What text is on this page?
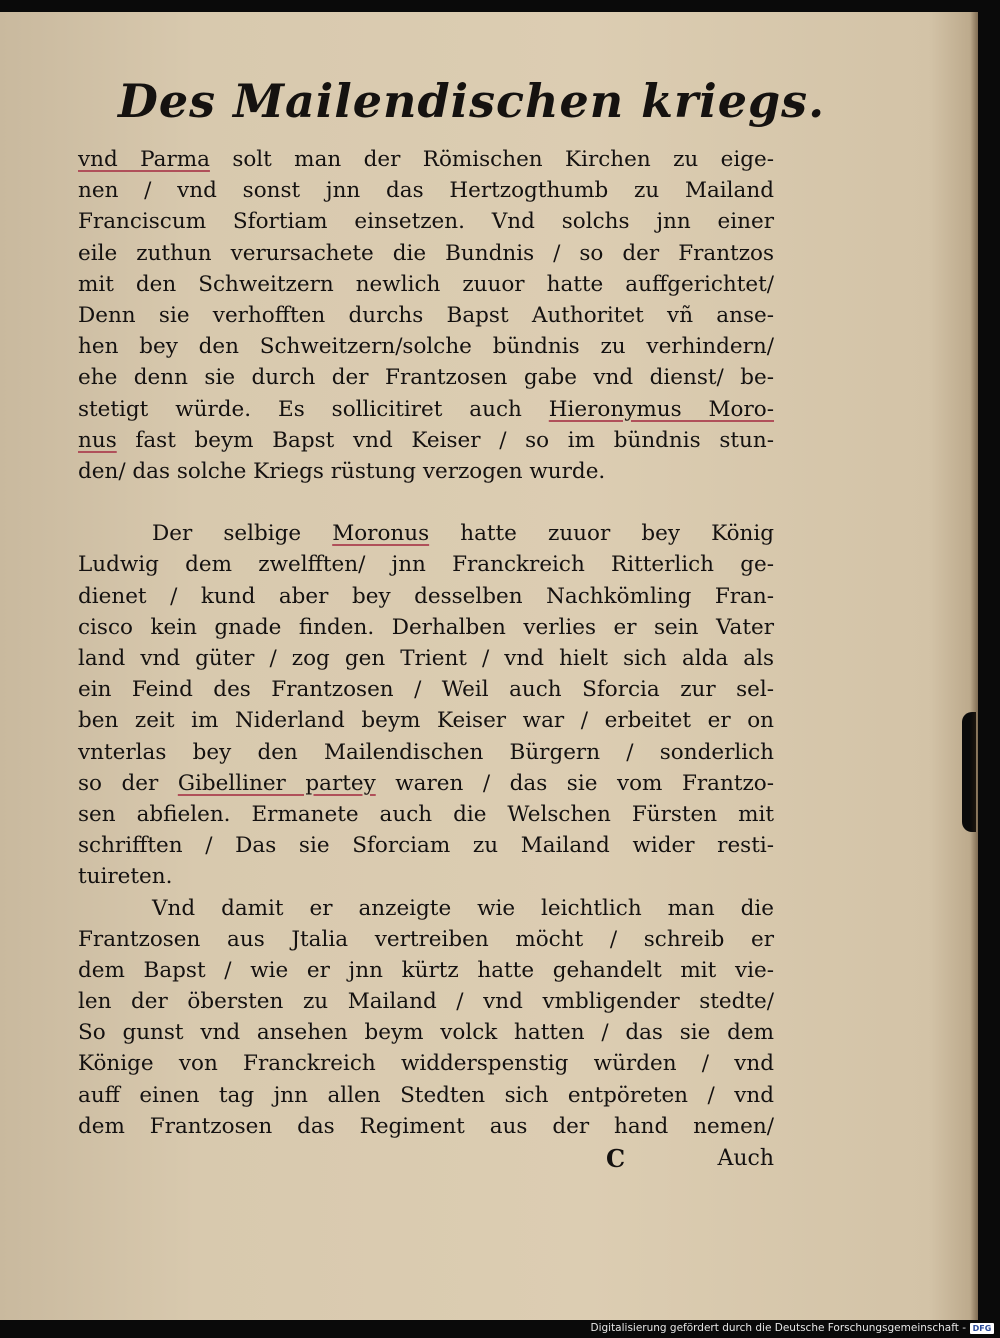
Des Mailendischen kriegs.
vnd Parma solt man der Römischen Kirchen zu eige-
nen / vnd sonst jnn das Hertzogthumb zu Mailand
Franciscum Sfortiam einsetzen. Vnd solchs jnn einer
eile zuthun verursachete die Bundnis / so der Frantzos
mit den Schweitzern newlich zuuor hatte auffgerichtet/
Denn sie verhofften durchs Bapst Authoritet vñ anse-
hen bey den Schweitzern/solche bündnis zu verhindern/
ehe denn sie durch der Frantzosen gabe vnd dienst/ be-
stetigt würde. Es sollicitiret auch Hieronymus Moro-
nus fast beym Bapst vnd Keiser / so im bündnis stun-
den/ das solche Kriegs rüstung verzogen wurde.
Der selbige Moronus hatte zuuor bey König
Ludwig dem zwelfften/ jnn Franckreich Ritterlich ge-
dienet / kund aber bey desselben Nachkömling Fran-
cisco kein gnade finden. Derhalben verlies er sein Vater
land vnd güter / zog gen Trient / vnd hielt sich alda als
ein Feind des Frantzosen / Weil auch Sforcia zur sel-
ben zeit im Niderland beym Keiser war / erbeitet er on
vnterlas bey den Mailendischen Bürgern / sonderlich
so der Gibelliner partey waren / das sie vom Frantzo-
sen abfielen. Ermanete auch die Welschen Fürsten mit
schrifften / Das sie Sforciam zu Mailand wider resti-
tuireten.
Vnd damit er anzeigte wie leichtlich man die
Frantzosen aus Jtalia vertreiben möcht / schreib er
dem Bapst / wie er jnn kürtz hatte gehandelt mit vie-
len der öbersten zu Mailand / vnd vmbligender stedte/
So gunst vnd ansehen beym volck hatten / das sie dem
Könige von Franckreich widderspenstig würden / vnd
auff einen tag jnn allen Stedten sich entpöreten / vnd
dem Frantzosen das Regiment aus der hand nemen/
C	Auch
Digitalisierung gefördert durch die Deutsche Forschungsgemeinschaft - DFG
